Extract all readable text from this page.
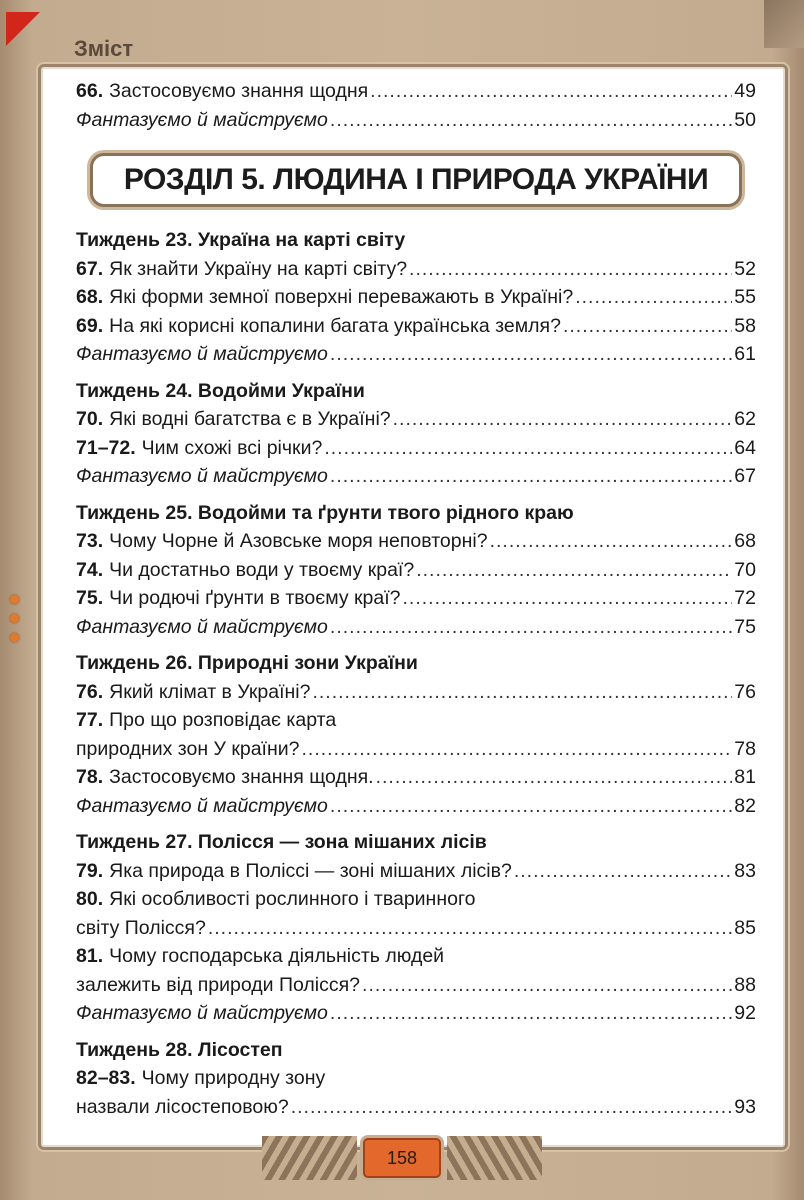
Зміст
66. Застосовуємо знання щодня .....	49
Фантазуємо й майструємо .....	50
РОЗДІЛ 5. ЛЮДИНА І ПРИРОДА УКРАЇНИ
Тиждень 23. Україна на карті світу
67. Як знайти Україну на карті світу? .....	52
68. Які форми земної поверхні переважають в Україні? .....	55
69. На які корисні копалини багата українська земля? .....	58
Фантазуємо й майструємо .....	61
Тиждень 24. Водойми України
70. Які водні багатства є в Україні? .....	62
71–72. Чим схожі всі річки? .....	64
Фантазуємо й майструємо .....	67
Тиждень 25. Водойми та ґрунти твого рідного краю
73. Чому Чорне й Азовське моря неповторні? .....	68
74. Чи достатньо води у твоєму краї? .....	70
75. Чи родючі ґрунти в твоєму краї? .....	72
Фантазуємо й майструємо .....	75
Тиждень 26. Природні зони України
76. Який клімат в Україні? .....	76
77. Про що розповідає карта
природних зон У країни? .....	78
78. Застосовуємо знання щодня. .....	81
Фантазуємо й майструємо .....	82
Тиждень 27. Полісся — зона мішаних лісів
79. Яка природа в Поліссі — зоні мішаних лісів? .....	83
80. Які особливості рослинного і тваринного
світу Полісся? .....	85
81. Чому господарська діяльність людей
залежить від природи Полісся? .....	88
Фантазуємо й майструємо .....	92
Тиждень 28. Лісостеп
82–83. Чому природну зону
назвали лісостеповою? .....	93
158
